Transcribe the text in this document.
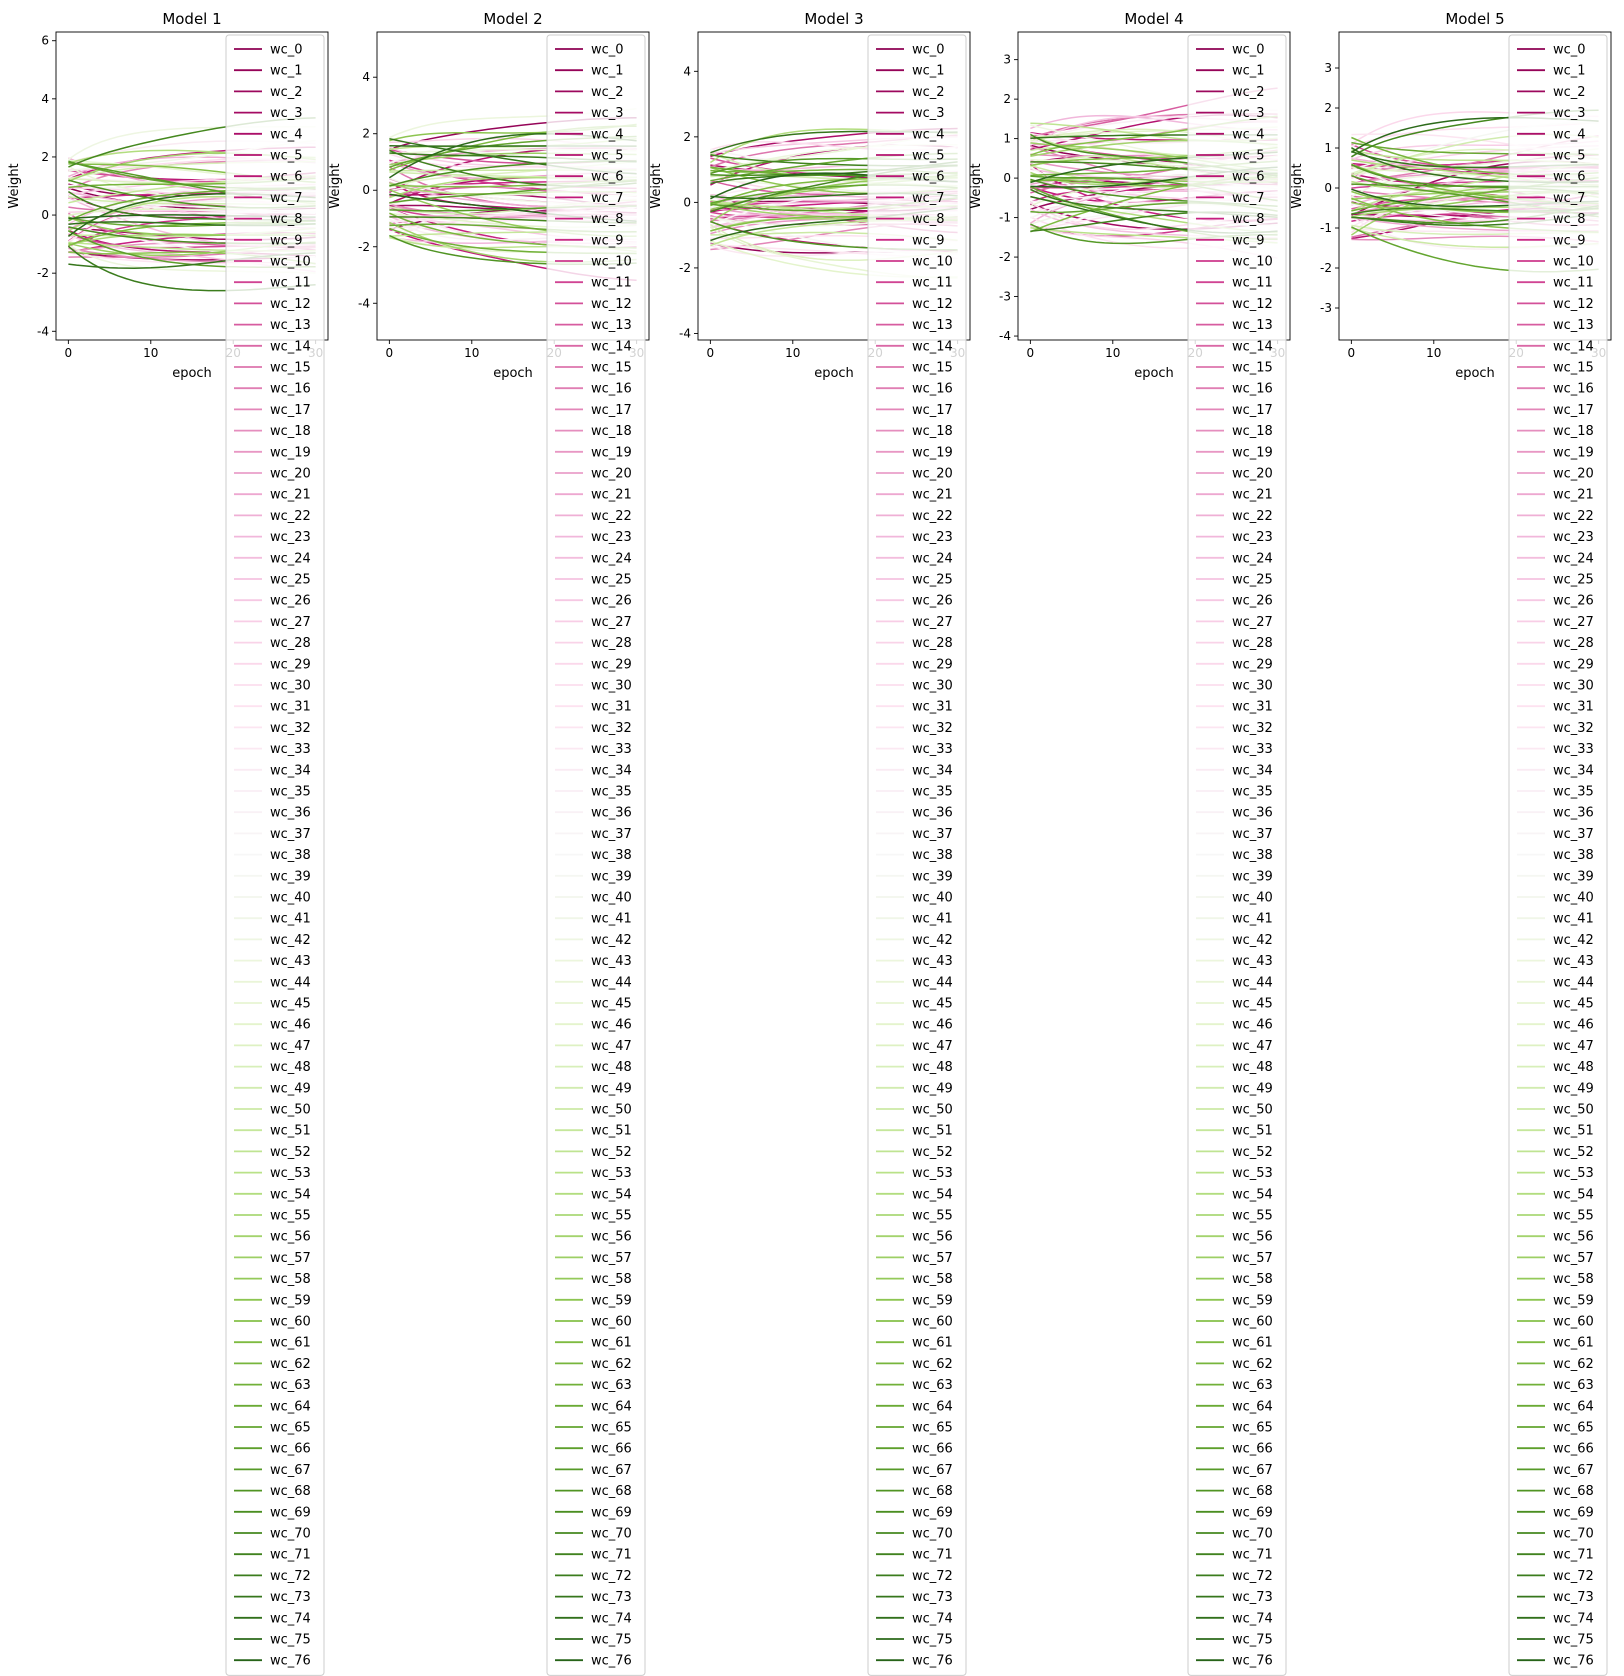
0	10
-4
-2
0
2
4
6
Model 1
epoch
Weight
wc_0
wc_1
wc_2
wc_3
wc_4
wc_5
wc_6
wc_7
wc_8
wc_9
wc_10
wc_11
wc_12
wc_13
wc_14
wc_15
wc_16
wc_17
wc_18
wc_19
wc_20
wc_21
wc_22
wc_23
wc_24
wc_25
wc_26
wc_27
wc_28
wc_29
wc_30
wc_31
wc_32
wc_33
wc_34
wc_35
wc_36
wc_37
wc_38
wc_39
wc_40
wc_41
wc_42
wc_43
wc_44
wc_45
wc_46
wc_47
wc_48
wc_49
wc_50
wc_51
wc_52
wc_53
wc_54
wc_55
wc_56
wc_57
wc_58
wc_59
wc_60
wc_61
wc_62
wc_63
wc_64
wc_65
wc_66
wc_67
wc_68
wc_69
wc_70
wc_71
wc_72
wc_73
wc_74
wc_75
wc_76
0	10
-4
-2
0
2
4
Model 2
epoch
Weight
wc_0
wc_1
wc_2
wc_3
wc_4
wc_5
wc_6
wc_7
wc_8
wc_9
wc_10
wc_11
wc_12
wc_13
wc_14
wc_15
wc_16
wc_17
wc_18
wc_19
wc_20
wc_21
wc_22
wc_23
wc_24
wc_25
wc_26
wc_27
wc_28
wc_29
wc_30
wc_31
wc_32
wc_33
wc_34
wc_35
wc_36
wc_37
wc_38
wc_39
wc_40
wc_41
wc_42
wc_43
wc_44
wc_45
wc_46
wc_47
wc_48
wc_49
wc_50
wc_51
wc_52
wc_53
wc_54
wc_55
wc_56
wc_57
wc_58
wc_59
wc_60
wc_61
wc_62
wc_63
wc_64
wc_65
wc_66
wc_67
wc_68
wc_69
wc_70
wc_71
wc_72
wc_73
wc_74
wc_75
wc_76
0	10
-4
-2
0
2
4
Model 3
epoch
Weight
wc_0
wc_1
wc_2
wc_3
wc_4
wc_5
wc_6
wc_7
wc_8
wc_9
wc_10
wc_11
wc_12
wc_13
wc_14
wc_15
wc_16
wc_17
wc_18
wc_19
wc_20
wc_21
wc_22
wc_23
wc_24
wc_25
wc_26
wc_27
wc_28
wc_29
wc_30
wc_31
wc_32
wc_33
wc_34
wc_35
wc_36
wc_37
wc_38
wc_39
wc_40
wc_41
wc_42
wc_43
wc_44
wc_45
wc_46
wc_47
wc_48
wc_49
wc_50
wc_51
wc_52
wc_53
wc_54
wc_55
wc_56
wc_57
wc_58
wc_59
wc_60
wc_61
wc_62
wc_63
wc_64
wc_65
wc_66
wc_67
wc_68
wc_69
wc_70
wc_71
wc_72
wc_73
wc_74
wc_75
wc_76
0	10
-4
-3
-2
-1
0
1
2
3
Model 4
epoch
Weight
wc_0
wc_1
wc_2
wc_3
wc_4
wc_5
wc_6
wc_7
wc_8
wc_9
wc_10
wc_11
wc_12
wc_13
wc_14
wc_15
wc_16
wc_17
wc_18
wc_19
wc_20
wc_21
wc_22
wc_23
wc_24
wc_25
wc_26
wc_27
wc_28
wc_29
wc_30
wc_31
wc_32
wc_33
wc_34
wc_35
wc_36
wc_37
wc_38
wc_39
wc_40
wc_41
wc_42
wc_43
wc_44
wc_45
wc_46
wc_47
wc_48
wc_49
wc_50
wc_51
wc_52
wc_53
wc_54
wc_55
wc_56
wc_57
wc_58
wc_59
wc_60
wc_61
wc_62
wc_63
wc_64
wc_65
wc_66
wc_67
wc_68
wc_69
wc_70
wc_71
wc_72
wc_73
wc_74
wc_75
wc_76
0	10
-3
-2
-1
0
1
2
3
Model 5
epoch
Weight
wc_0
wc_1
wc_2
wc_3
wc_4
wc_5
wc_6
wc_7
wc_8
wc_9
wc_10
wc_11
wc_12
wc_13
wc_14
wc_15
wc_16
wc_17
wc_18
wc_19
wc_20
wc_21
wc_22
wc_23
wc_24
wc_25
wc_26
wc_27
wc_28
wc_29
wc_30
wc_31
wc_32
wc_33
wc_34
wc_35
wc_36
wc_37
wc_38
wc_39
wc_40
wc_41
wc_42
wc_43
wc_44
wc_45
wc_46
wc_47
wc_48
wc_49
wc_50
wc_51
wc_52
wc_53
wc_54
wc_55
wc_56
wc_57
wc_58
wc_59
wc_60
wc_61
wc_62
wc_63
wc_64
wc_65
wc_66
wc_67
wc_68
wc_69
wc_70
wc_71
wc_72
wc_73
wc_74
wc_75
wc_76
